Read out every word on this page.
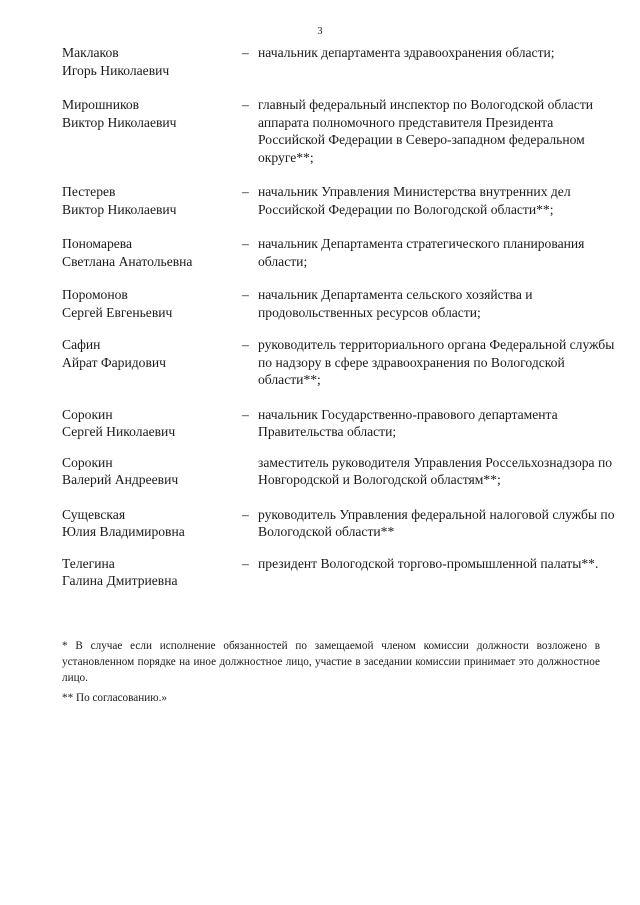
3
Маклаков
Игорь Николаевич
– начальник департамента здравоохранения области;
Мирошников
Виктор Николаевич
– главный федеральный инспектор по Вологодской области аппарата полномочного представителя Президента Российской Федерации в Северо-западном федеральном округе**;
Пестерев
Виктор Николаевич
– начальник Управления Министерства внутренних дел Российской Федерации по Вологодской области**;
Пономарева
Светлана Анатольевна
– начальник Департамента стратегического планирования области;
Поромонов
Сергей Евгеньевич
– начальник Департамента сельского хозяйства и продовольственных ресурсов области;
Сафин
Айрат Фаридович
– руководитель территориального органа Федеральной службы по надзору в сфере здравоохранения по Вологодской области**;
Сорокин
Сергей Николаевич
– начальник Государственно-правового департамента Правительства области;
Сорокин
Валерий Андреевич
заместитель руководителя Управления Россельхознадзора по Новгородской и Вологодской областям**;
Сущевская
Юлия Владимировна
– руководитель Управления федеральной налоговой службы по Вологодской области**
Телегина
Галина Дмитриевна
– президент Вологодской торгово-промышленной палаты**.
* В случае если исполнение обязанностей по замещаемой членом комиссии должности возложено в установленном порядке на иное должностное лицо, участие в заседании комиссии принимает это должностное лицо.
** По согласованию.»
